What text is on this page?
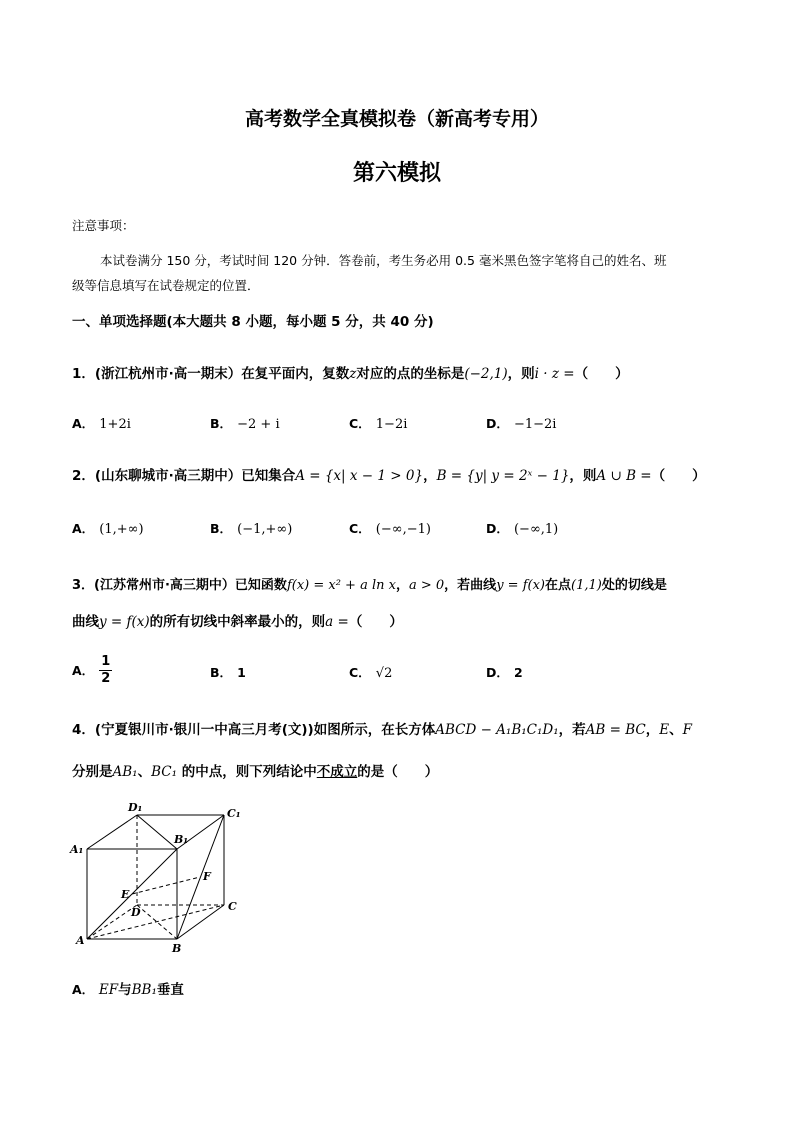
高考数学全真模拟卷（新高考专用）
第六模拟
注意事项：
本试卷满分 150 分，考试时间 120 分钟．答卷前，考生务必用 0.5 毫米黑色签字笔将自己的姓名、班
级等信息填写在试卷规定的位置．
一、单项选择题(本大题共 8 小题，每小题 5 分，共 40 分)
1．(浙江杭州市·高一期末）在复平面内，复数z对应的点的坐标是(−2,1)，则i · z =（　　）
A． 1+2i	B． −2 + i	C． 1−2i	D． −1−2i
2．(山东聊城市·高三期中）已知集合A = {x| x − 1 > 0}，B = {y| y = 2ˣ − 1}，则A ∪ B =（　　）
A． (1,+∞)	B． (−1,+∞)	C． (−∞,−1)	D． (−∞,1)
3．(江苏常州市·高三期中）已知函数f(x) = x² + a ln x，a > 0，若曲线y = f(x)在点(1,1)处的切线是
曲线y = f(x)的所有切线中斜率最小的，则a =（　　）
A． $\frac{1}{2}$	B． 1	C． √2	D． 2
4．(宁夏银川市·银川一中高三月考(文))如图所示，在长方体ABCD − A₁B₁C₁D₁，若AB = BC，E、F
分别是AB₁、BC₁ 的中点，则下列结论中不成立的是（　　）
D₁	C₁
B₁
A₁
F
E
D	C
A
B
A． EF与BB₁垂直
